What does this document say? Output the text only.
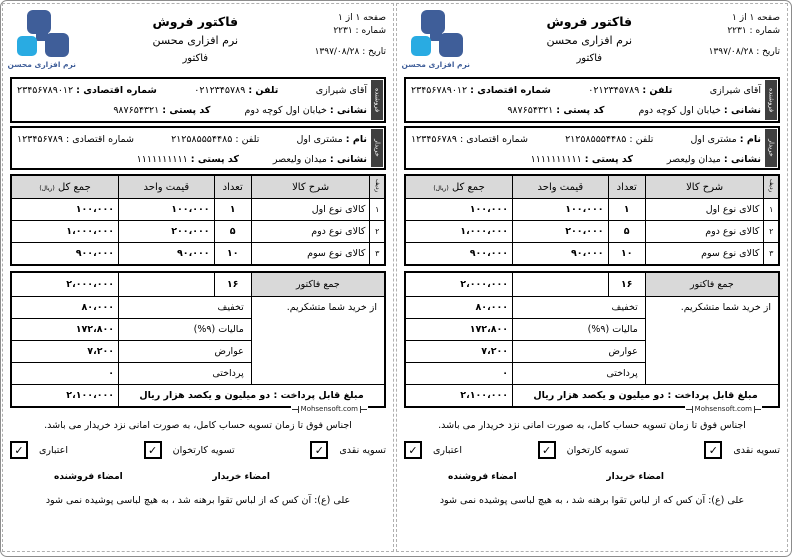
صفحه ۱ از ۱
شماره : ۲۲۳۱
تاریخ : ۱۳۹۷/۰۸/۲۸
فاکتور فروش
نرم افزاری محسن
فاکتور
نرم افزاری محسن
فروشنده
آقای شیرازی
تلفن : ۰۲۱۲۳۴۵۷۸۹
شماره اقتصادی : ۲۳۴۵۶۷۸۹۰۱۲
نشانی : خیابان اول کوچه دوم
کد پستی : ۹۸۷۶۵۴۳۲۱
خریدار
نام : مشتری اول
تلفن : ۲۱۲۵۸۵۵۵۴۴۸۵
شماره اقتصادی : ۱۲۳۴۵۶۷۸۹
نشانی : میدان ولیعصر
کد پستی : ۱۱۱۱۱۱۱۱۱۱
ردیف	شرح کالا	تعداد	قیمت واحد	جمع کل (ریال)
۱	کالای نوع اول	۱	۱۰۰،۰۰۰	۱۰۰،۰۰۰
۲	کالای نوع دوم	۵	۲۰۰،۰۰۰	۱،۰۰۰،۰۰۰
۳	کالای نوع سوم	۱۰	۹۰،۰۰۰	۹۰۰،۰۰۰
جمع فاکتور	۱۶		۲،۰۰۰،۰۰۰
از خرید شما متشکریم.	تخفیف		۸۰،۰۰۰
	مالیات (۹%)		۱۷۲،۸۰۰
	عوارض		۷،۲۰۰
	پرداختی		۰
مبلغ قابل پرداخت : دو میلیون و یکصد هزار ریال			۲،۱۰۰،۰۰۰
Mohsensoft.com
اجناس فوق تا زمان تسویه حساب کامل، به صورت امانی نزد خریدار می باشد.
تسویه نقدی
✓
تسویه کارتخوان
✓
اعتباری
✓
امضاء خریدار
امضاء فروشنده
علی (ع): آن کس که از لباس تقوا برهنه شد ، به هیچ لباسی پوشیده نمی شود
صفحه ۱ از ۱
شماره : ۲۲۳۱
تاریخ : ۱۳۹۷/۰۸/۲۸
فاکتور فروش
نرم افزاری محسن
فاکتور
نرم افزاری محسن
فروشنده
آقای شیرازی
تلفن : ۰۲۱۲۳۴۵۷۸۹
شماره اقتصادی : ۲۳۴۵۶۷۸۹۰۱۲
نشانی : خیابان اول کوچه دوم
کد پستی : ۹۸۷۶۵۴۳۲۱
خریدار
نام : مشتری اول
تلفن : ۲۱۲۵۸۵۵۵۴۴۸۵
شماره اقتصادی : ۱۲۳۴۵۶۷۸۹
نشانی : میدان ولیعصر
کد پستی : ۱۱۱۱۱۱۱۱۱۱
ردیف	شرح کالا	تعداد	قیمت واحد	جمع کل (ریال)
۱	کالای نوع اول	۱	۱۰۰،۰۰۰	۱۰۰،۰۰۰
۲	کالای نوع دوم	۵	۲۰۰،۰۰۰	۱،۰۰۰،۰۰۰
۳	کالای نوع سوم	۱۰	۹۰،۰۰۰	۹۰۰،۰۰۰
جمع فاکتور	۱۶		۲،۰۰۰،۰۰۰
از خرید شما متشکریم.	تخفیف		۸۰،۰۰۰
	مالیات (۹%)		۱۷۲،۸۰۰
	عوارض		۷،۲۰۰
	پرداختی		۰
مبلغ قابل پرداخت : دو میلیون و یکصد هزار ریال			۲،۱۰۰،۰۰۰
Mohsensoft.com
اجناس فوق تا زمان تسویه حساب کامل، به صورت امانی نزد خریدار می باشد.
تسویه نقدی
✓
تسویه کارتخوان
✓
اعتباری
✓
امضاء خریدار
امضاء فروشنده
علی (ع): آن کس که از لباس تقوا برهنه شد ، به هیچ لباسی پوشیده نمی شود
